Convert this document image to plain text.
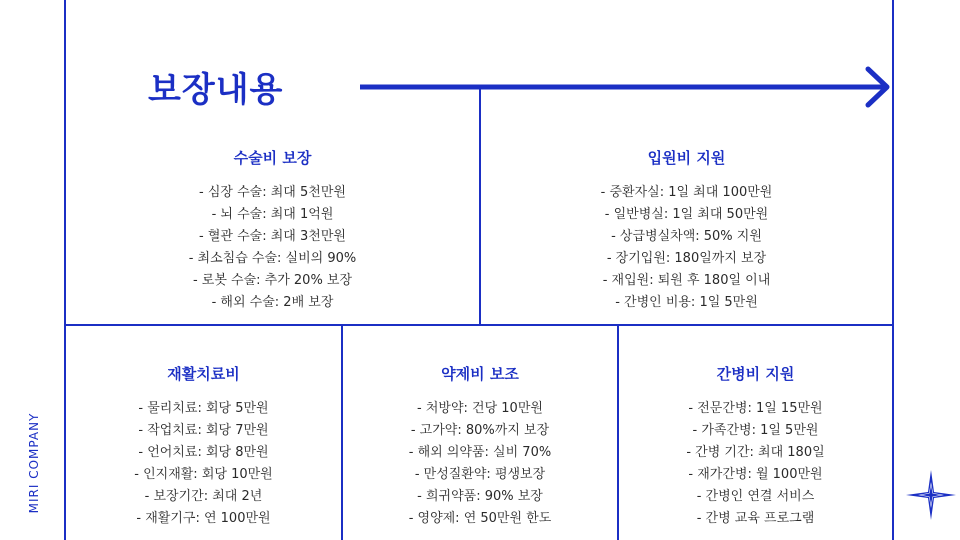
보장내용
MIRI COMPANY
수술비 보장
- 심장 수술: 최대 5천만원
- 뇌 수술: 최대 1억원
- 혈관 수술: 최대 3천만원
- 최소침습 수술: 실비의 90%
- 로봇 수술: 추가 20% 보장
- 해외 수술: 2배 보장
입원비 지원
- 중환자실: 1일 최대 100만원
- 일반병실: 1일 최대 50만원
- 상급병실차액: 50% 지원
- 장기입원: 180일까지 보장
- 재입원: 퇴원 후 180일 이내
- 간병인 비용: 1일 5만원
재활치료비
- 물리치료: 회당 5만원
- 작업치료: 회당 7만원
- 언어치료: 회당 8만원
- 인지재활: 회당 10만원
- 보장기간: 최대 2년
- 재활기구: 연 100만원
약제비 보조
- 처방약: 건당 10만원
- 고가약: 80%까지 보장
- 해외 의약품: 실비 70%
- 만성질환약: 평생보장
- 희귀약품: 90% 보장
- 영양제: 연 50만원 한도
간병비 지원
- 전문간병: 1일 15만원
- 가족간병: 1일 5만원
- 간병 기간: 최대 180일
- 재가간병: 월 100만원
- 간병인 연결 서비스
- 간병 교육 프로그램
